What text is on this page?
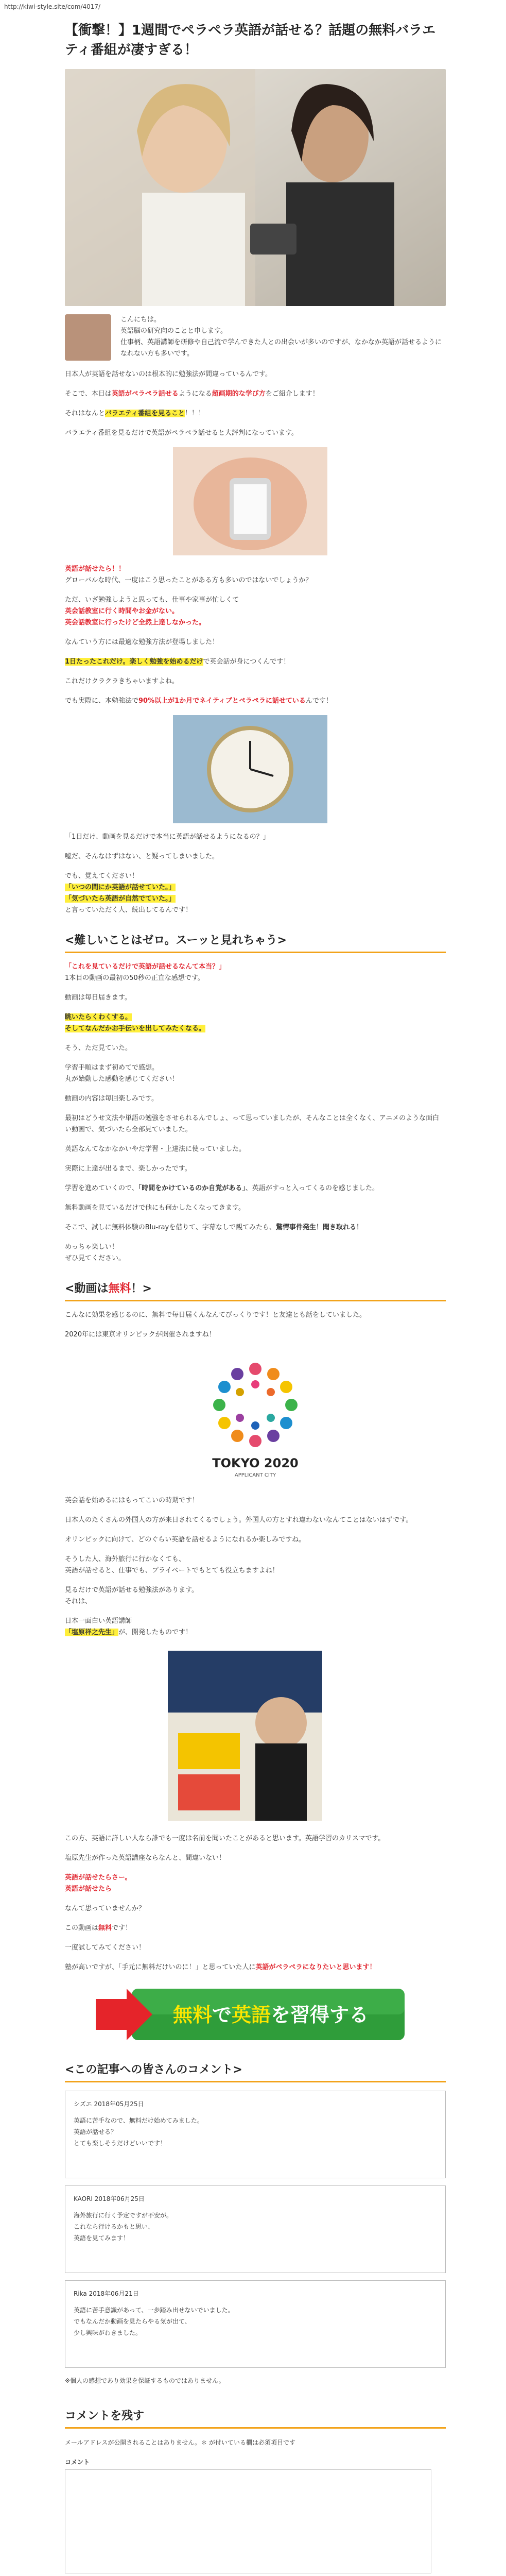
http://kiwi-style.site/com/4017/
【衝撃！】1週間でペラペラ英語が話せる？話題の無料バラエティ番組が凄すぎる！

こんにちは。

英語脳の研究向のことと申します。

仕事柄、英語講師を研修や自己流で学んできた人との出会いが多いのですが、なかなか英語が話せるようになれない方も多いです。

日本人が英語を話せないのは根本的に勉強法が間違っているんです。

そこで、本日は英語がペラペラ話せるようになる超画期的な学び方をご紹介します！

それはなんとバラエティ番組を見ること！！！

バラエティ番組を見るだけで英語がペラペラ話せると大評判になっています。

英語が話せたら！！

グローバルな時代、一度はこう思ったことがある方も多いのではないでしょうか？

ただ、いざ勉強しようと思っても、仕事や家事が忙しくて

英会話教室に行く時間やお金がない。

英会話教室に行ったけど全然上達しなかった。

なんていう方には最適な勉強方法が登場しました！

1日たったこれだけ。楽しく勉強を始めるだけで英会話が身につくんです！

これだけクラクラきちゃいますよね。

でも実際に、本勉強法で90%以上が1か月でネイティブとペラペラに話せているんです！

「1日だけ、動画を見るだけで本当に英語が話せるようになるの？」

嘘だ、そんなはずはない、と疑ってしまいました。

でも、覚えてください！

「いつの間にか英語が話せていた。」

「気づいたら英語が自然でていた。」

と言っていただく人、続出してるんです！

<難しいことはゼロ。スーッと見れちゃう>

「これを見ているだけで英語が話せるなんて本当？」

1本目の動画の最初の50秒の正直な感想です。

動画は毎日届きます。

眺いたらくわくする。

そしてなんだかお手伝いを出してみたくなる。

そう、ただ見ていた。

学習手順はまず初めてで感想。

丸が始動した感動を感じてください！

動画の内容は毎回楽しみです。

最初はどうせ文法や単語の勉強をさせられるんでしょ、って思っていましたが、そんなことは全くなく、アニメのような面白い動画で、気づいたら全部見ていました。

英語なんてなかなかいやだ学習・上達法に使っていました。

実際に上達が出るまで、楽しかったです。

学習を進めていくので、「時間をかけているのか自覚がある」、英語がすっと入ってくるのを感じました。

無料動画を見ているだけで他にも何かしたくなってきます。

そこで、試しに無料体験のBlu-rayを借りて、字幕なしで観てみたら、驚愕事件発生！聞き取れる！

めっちゃ楽しい！

ぜひ見てください。

<動画は無料！>

こんなに効果を感じるのに、無料で毎日届くんなんてびっくりです！と友達とも話をしていました。

2020年には東京オリンピックが開催されますね！

TOKYO 2020
APPLICANT CITY

英会話を始めるにはもってこいの時期です！

日本人のたくさんの外国人の方が来日されてくるでしょう。外国人の方とすれ違わないなんてことはないはずです。

オリンピックに向けて、どのぐらい英語を話せるようになれるか楽しみですね。

そうした人、海外旅行に行かなくても、

英語が話せると、仕事でも、プライベートでもとても役立ちますよね！

見るだけで英語が話せる勉強法があります。

それは、

日本一面白い英語講師

「塩原祥之先生」が、開発したものです！

この方、英語に詳しい人なら誰でも一度は名前を聞いたことがあると思います。英語学習のカリスマです。

塩原先生が作った英語講座ならなんと、間違いない！

英語が話せたらさー。

英語が話せたら

なんて思っていませんか？

この動画は無料です！

一度試してみてください！

塾が高いですが、「手元に無料だけいのに！」と思っていた人に英語がペラペラになりたいと思います！

無料で英語を習得する
<この記事への皆さんのコメント>
シズエ 2018年05月25日
英語に苦手なので、無料だけ始めてみました。
英語が話せる？
とても楽しそうだけどいいです！
KAORI 2018年06月25日
海外旅行に行く予定ですが不安が。
これなら行けるかもと思い、
英語を見てみます！
Rika 2018年06月21日
英語に苦手意識があって、一歩踏み出せないでいました。
でもなんだか動画を見たらやる気が出て、
少し興味がわきました。

※個人の感想であり効果を保証するものではありません。

コメントを残す

メールアドレスが公開されることはありません。＊ が付いている欄は必須項目です

コメント
